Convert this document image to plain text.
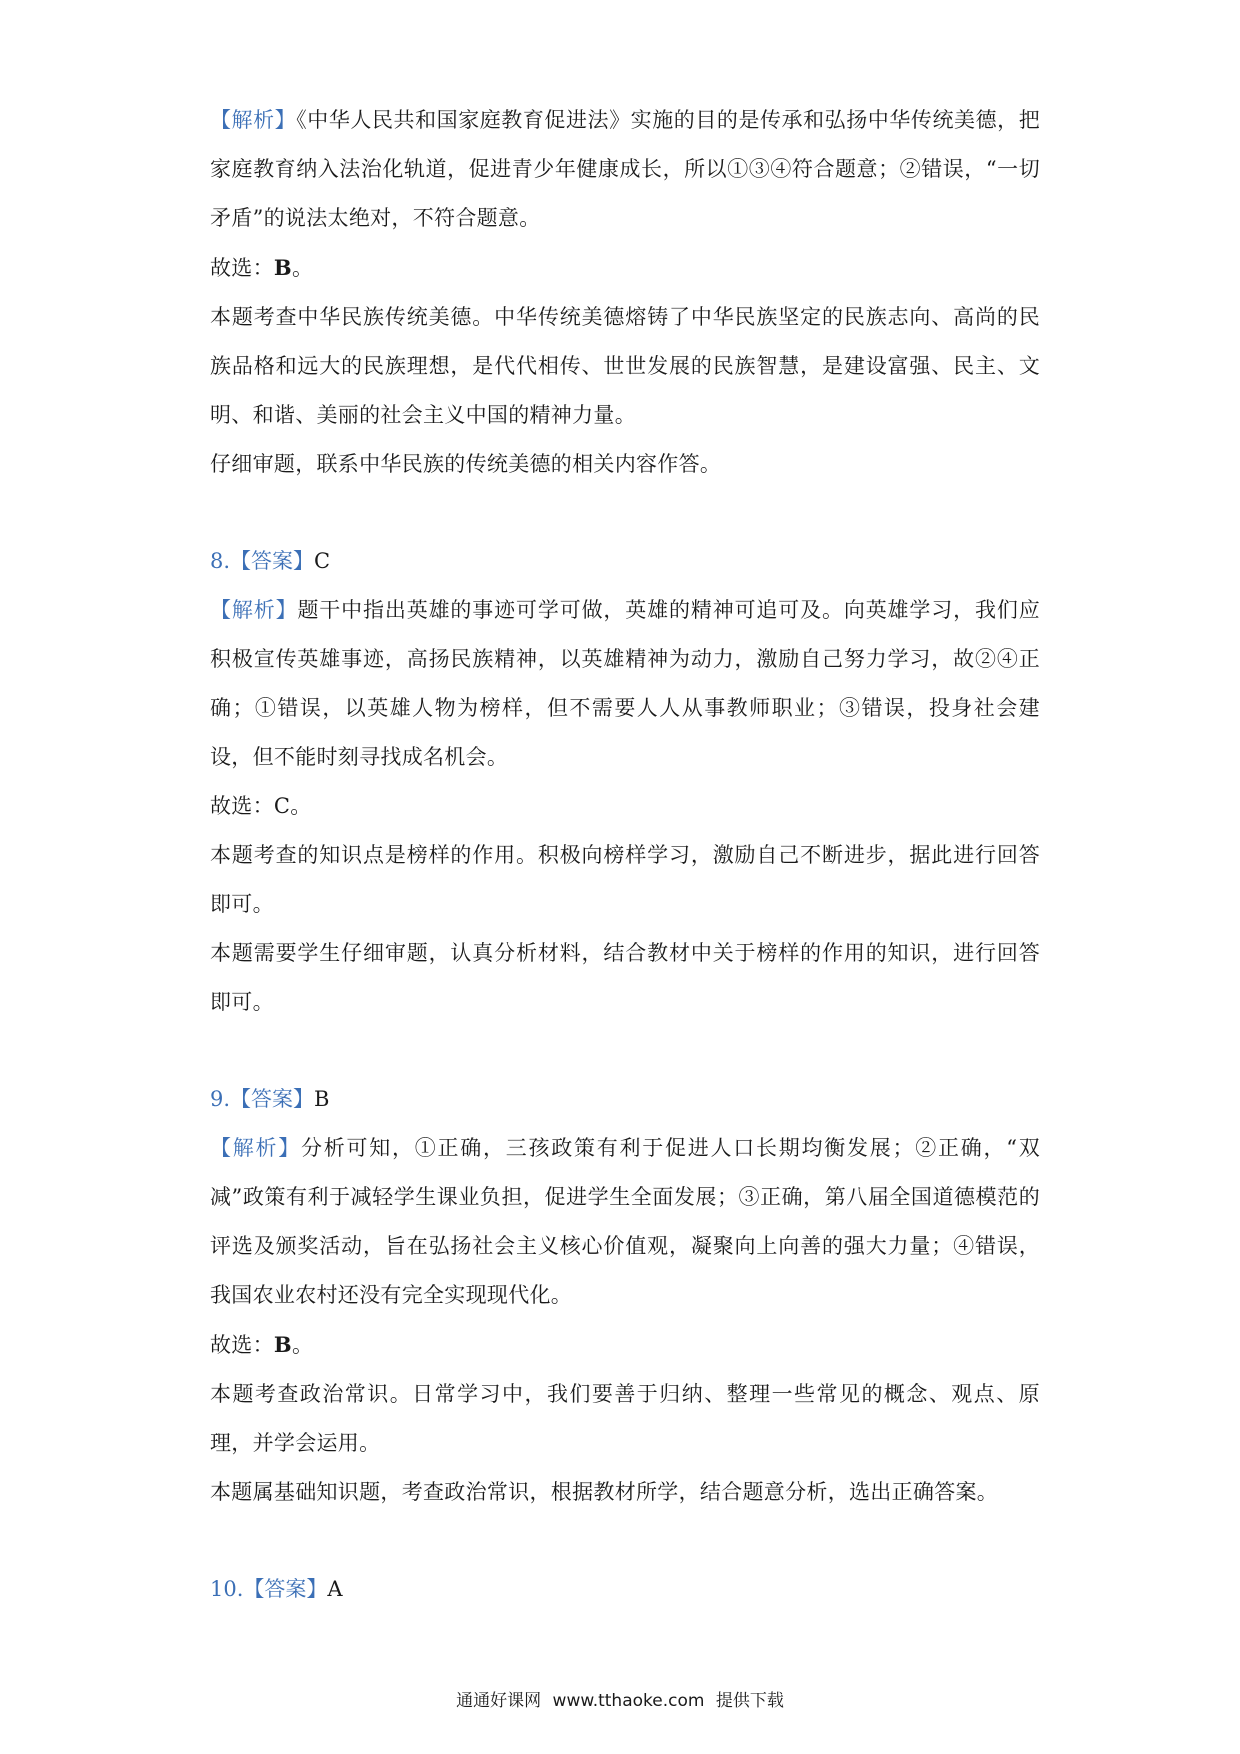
【解析】《中华人民共和国家庭教育促进法》实施的目的是传承和弘扬中华传统美德，把家庭教育纳入法治化轨道，促进青少年健康成长，所以①③④符合题意；②错误，“一切矛盾”的说法太绝对，不符合题意。

故选：B。

本题考查中华民族传统美德。中华传统美德熔铸了中华民族坚定的民族志向、高尚的民族品格和远大的民族理想，是代代相传、世世发展的民族智慧，是建设富强、民主、文明、和谐、美丽的社会主义中国的精神力量。

仔细审题，联系中华民族的传统美德的相关内容作答。

8.【答案】C

【解析】题干中指出英雄的事迹可学可做，英雄的精神可追可及。向英雄学习，我们应积极宣传英雄事迹，高扬民族精神，以英雄精神为动力，激励自己努力学习，故②④正确；①错误，以英雄人物为榜样，但不需要人人从事教师职业；③错误，投身社会建设，但不能时刻寻找成名机会。

故选：C。

本题考查的知识点是榜样的作用。积极向榜样学习，激励自己不断进步，据此进行回答即可。

本题需要学生仔细审题，认真分析材料，结合教材中关于榜样的作用的知识，进行回答即可。

9.【答案】B

【解析】分析可知，①正确，三孩政策有利于促进人口长期均衡发展；②正确，“双减”政策有利于减轻学生课业负担，促进学生全面发展；③正确，第八届全国道德模范的评选及颁奖活动，旨在弘扬社会主义核心价值观，凝聚向上向善的强大力量；④错误，我国农业农村还没有完全实现现代化。

故选：B。

本题考查政治常识。日常学习中，我们要善于归纳、整理一些常见的概念、观点、原理，并学会运用。

本题属基础知识题，考查政治常识，根据教材所学，结合题意分析，选出正确答案。

10.【答案】A

通通好课网 www.tthaoke.com 提供下载
